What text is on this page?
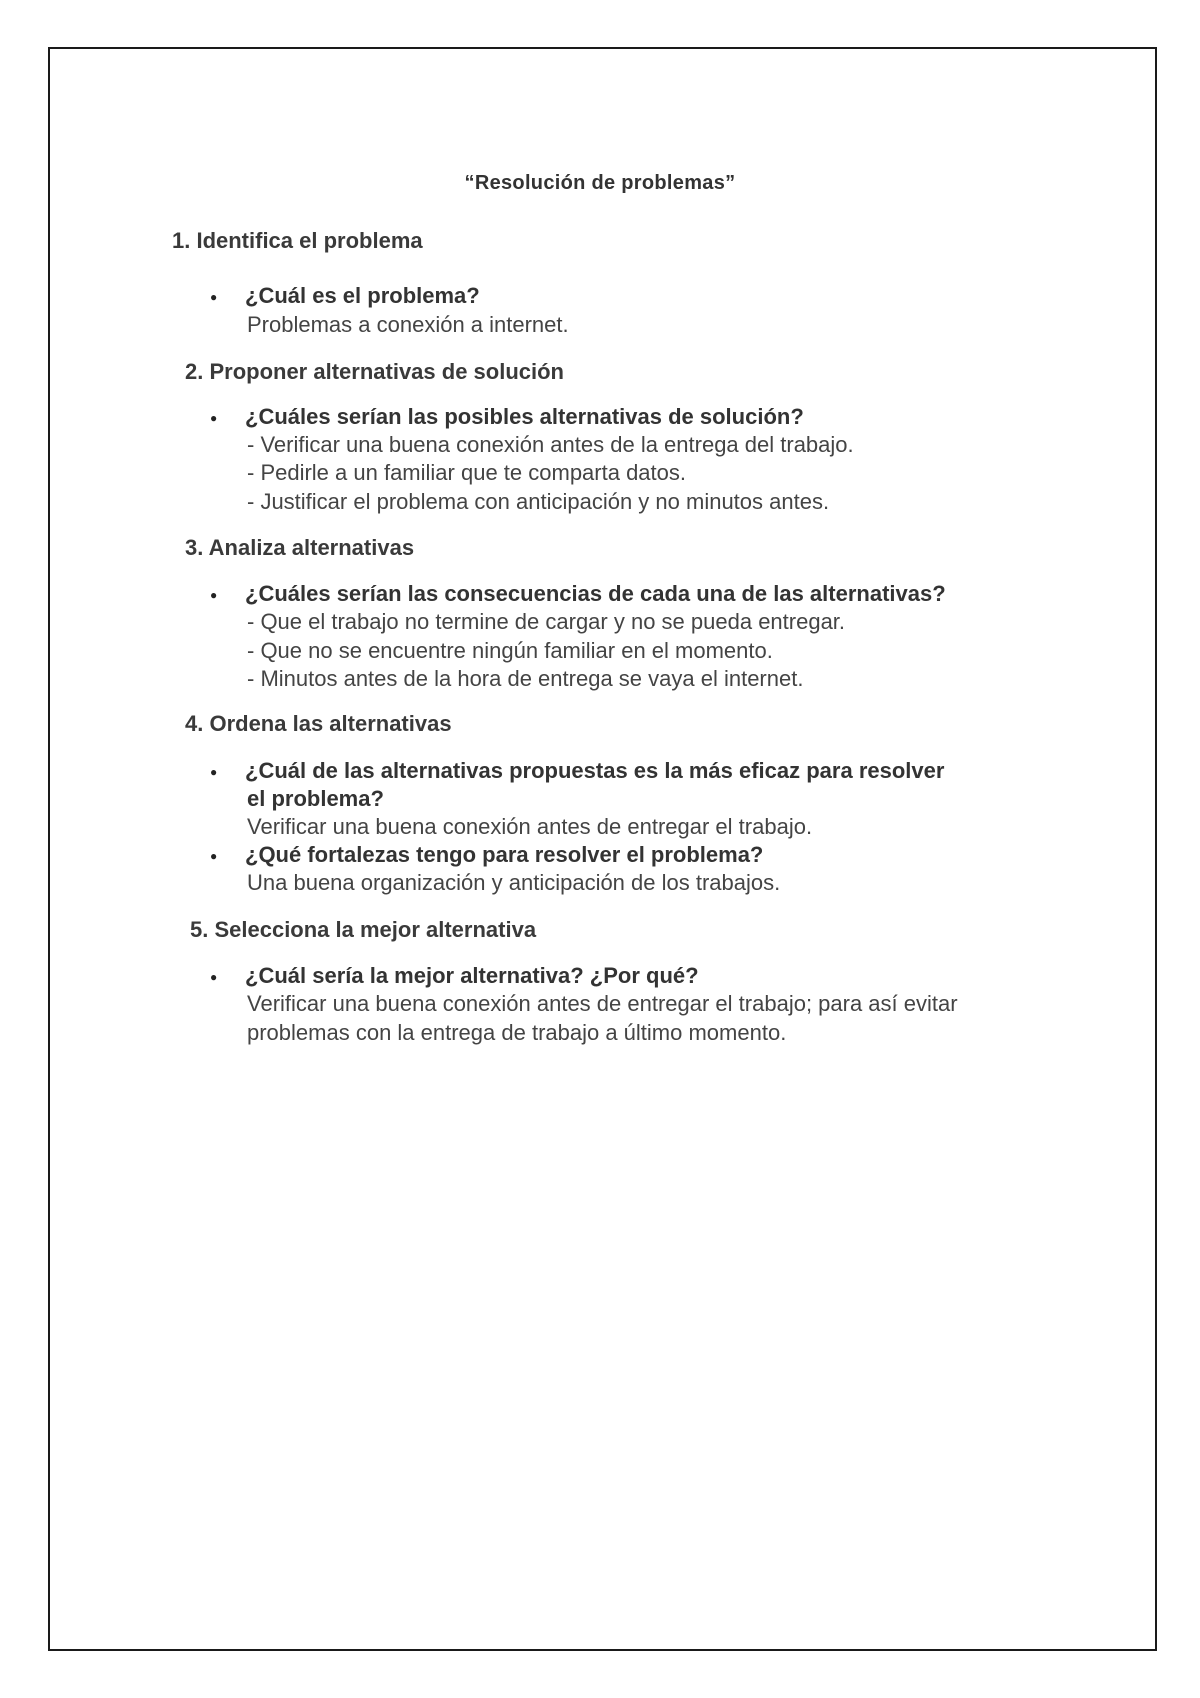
“Resolución de problemas”
1. Identifica el problema
● ¿Cuál es el problema?
Problemas a conexión a internet.
2. Proponer alternativas de solución
● ¿Cuáles serían las posibles alternativas de solución?
- Verificar una buena conexión antes de la entrega del trabajo.
- Pedirle a un familiar que te comparta datos.
- Justificar el problema con anticipación y no minutos antes.
3. Analiza alternativas
● ¿Cuáles serían las consecuencias de cada una de las alternativas?
- Que el trabajo no termine de cargar y no se pueda entregar.
- Que no se encuentre ningún familiar en el momento.
- Minutos antes de la hora de entrega se vaya el internet.
4. Ordena las alternativas
● ¿Cuál de las alternativas propuestas es la más eficaz para resolver
el problema?
Verificar una buena conexión antes de entregar el trabajo.
● ¿Qué fortalezas tengo para resolver el problema?
Una buena organización y anticipación de los trabajos.
5. Selecciona la mejor alternativa
● ¿Cuál sería la mejor alternativa? ¿Por qué?
Verificar una buena conexión antes de entregar el trabajo; para así evitar
problemas con la entrega de trabajo a último momento.
